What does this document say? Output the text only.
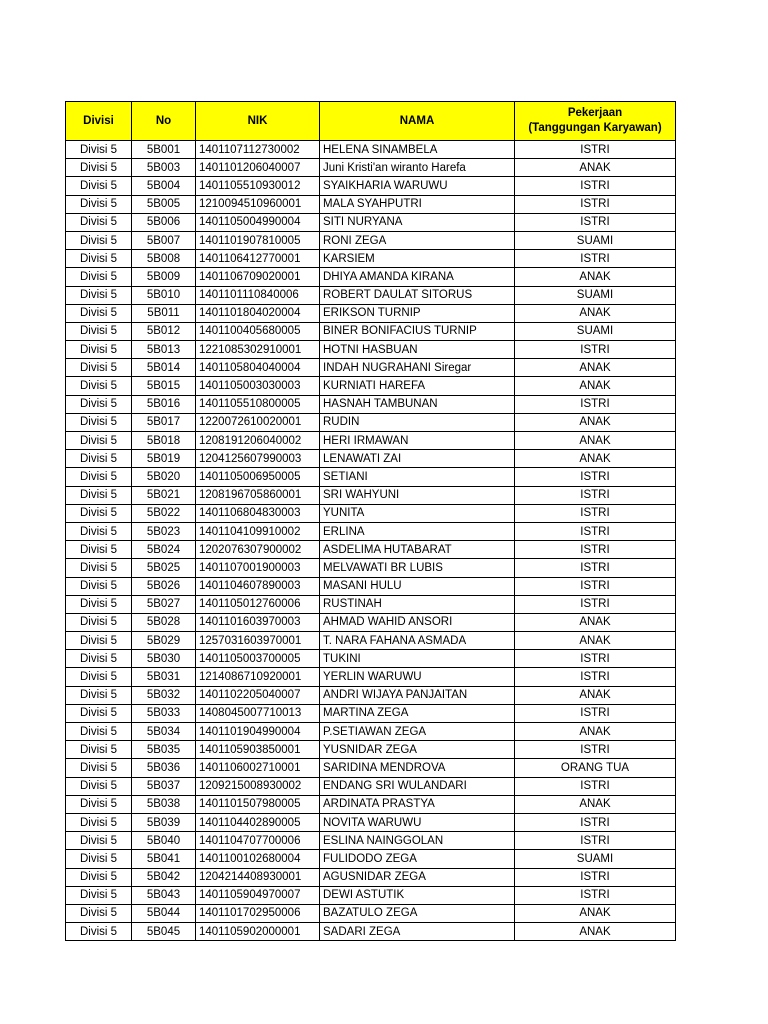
Divisi	No	NIK	NAMA	Pekerjaan
(Tanggungan Karyawan)

Divisi 5	5B001	1401107112730002	HELENA SINAMBELA	ISTRI
Divisi 5	5B003	1401101206040007	Juni Kristi'an wiranto Harefa	ANAK
Divisi 5	5B004	1401105510930012	SYAIKHARIA WARUWU	ISTRI
Divisi 5	5B005	1210094510960001	MALA SYAHPUTRI	ISTRI
Divisi 5	5B006	1401105004990004	SITI NURYANA	ISTRI
Divisi 5	5B007	1401101907810005	RONI ZEGA	SUAMI
Divisi 5	5B008	1401106412770001	KARSIEM	ISTRI
Divisi 5	5B009	1401106709020001	DHIYA AMANDA KIRANA	ANAK
Divisi 5	5B010	1401101110840006	ROBERT DAULAT SITORUS	SUAMI
Divisi 5	5B011	1401101804020004	ERIKSON TURNIP	ANAK
Divisi 5	5B012	1401100405680005	BINER BONIFACIUS TURNIP	SUAMI
Divisi 5	5B013	1221085302910001	HOTNI HASBUAN	ISTRI
Divisi 5	5B014	1401105804040004	INDAH NUGRAHANI Siregar	ANAK
Divisi 5	5B015	1401105003030003	KURNIATI HAREFA	ANAK
Divisi 5	5B016	1401105510800005	HASNAH TAMBUNAN	ISTRI
Divisi 5	5B017	1220072610020001	RUDIN	ANAK
Divisi 5	5B018	1208191206040002	HERI IRMAWAN	ANAK
Divisi 5	5B019	1204125607990003	LENAWATI ZAI	ANAK
Divisi 5	5B020	1401105006950005	SETIANI	ISTRI
Divisi 5	5B021	1208196705860001	SRI WAHYUNI	ISTRI
Divisi 5	5B022	1401106804830003	YUNITA	ISTRI
Divisi 5	5B023	1401104109910002	ERLINA	ISTRI
Divisi 5	5B024	1202076307900002	ASDELIMA HUTABARAT	ISTRI
Divisi 5	5B025	1401107001900003	MELVAWATI BR LUBIS	ISTRI
Divisi 5	5B026	1401104607890003	MASANI HULU	ISTRI
Divisi 5	5B027	1401105012760006	RUSTINAH	ISTRI
Divisi 5	5B028	1401101603970003	AHMAD WAHID ANSORI	ANAK
Divisi 5	5B029	1257031603970001	T. NARA FAHANA ASMADA	ANAK
Divisi 5	5B030	1401105003700005	TUKINI	ISTRI
Divisi 5	5B031	1214086710920001	YERLIN WARUWU	ISTRI
Divisi 5	5B032	1401102205040007	ANDRI WIJAYA PANJAITAN	ANAK
Divisi 5	5B033	1408045007710013	MARTINA ZEGA	ISTRI
Divisi 5	5B034	1401101904990004	P.SETIAWAN ZEGA	ANAK
Divisi 5	5B035	1401105903850001	YUSNIDAR ZEGA	ISTRI
Divisi 5	5B036	1401106002710001	SARIDINA MENDROVA	ORANG TUA
Divisi 5	5B037	1209215008930002	ENDANG SRI WULANDARI	ISTRI
Divisi 5	5B038	1401101507980005	ARDINATA PRASTYA	ANAK
Divisi 5	5B039	1401104402890005	NOVITA WARUWU	ISTRI
Divisi 5	5B040	1401104707700006	ESLINA NAINGGOLAN	ISTRI
Divisi 5	5B041	1401100102680004	FULIDODO ZEGA	SUAMI
Divisi 5	5B042	1204214408930001	AGUSNIDAR ZEGA	ISTRI
Divisi 5	5B043	1401105904970007	DEWI ASTUTIK	ISTRI
Divisi 5	5B044	1401101702950006	BAZATULO ZEGA	ANAK
Divisi 5	5B045	1401105902000001	SADARI ZEGA	ANAK
